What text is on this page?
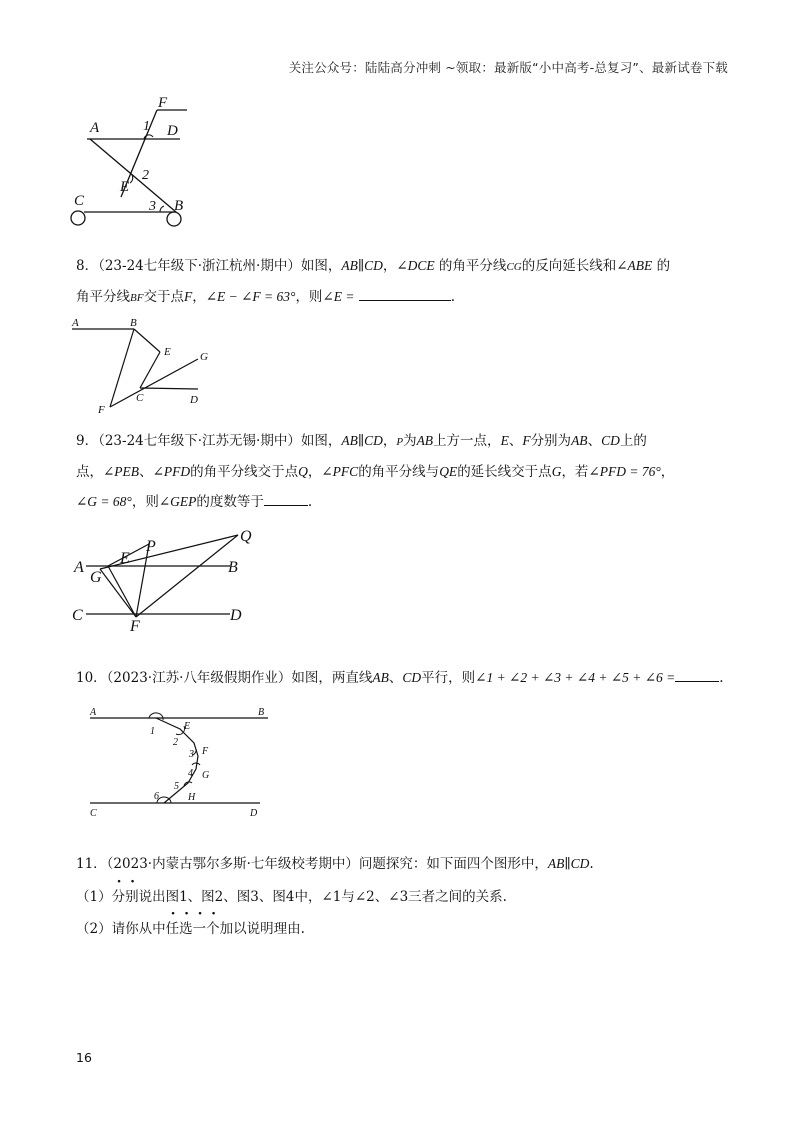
关注公众号：陆陆高分冲刺 ~领取：最新版“小中高考-总复习”、最新试卷下载
F
A	1 D
2
E
C	3 B
8．（23-24七年级下·浙江杭州·期中）如图，AB∥CD，∠DCE 的角平分线CG的反向延长线和∠ABE 的
角平分线BF交于点F，∠E − ∠F = 63°，则∠E =	.
A	B
E	G
C	D
F
9．（23-24七年级下·江苏无锡·期中）如图，AB∥CD，P为AB上方一点，E、F分别为AB、CD上的
点，∠PEB、∠PFD的角平分线交于点Q，∠PFC的角平分线与QE的延长线交于点G，若∠PFD = 76°，
∠G = 68°，则∠GEP的度数等于	.
A
G
E
P
Q
B
C	D
F
10．（2023·江苏·八年级假期作业）如图，两直线AB、CD平行，则∠1 + ∠2 + ∠3 + ∠4 + ∠5 + ∠6 =	.
A	B
E
F
G
H
C	D
1
2
3
4
5
6
11．（2023·内蒙古鄂尔多斯·七年级校考期中）问题探究：如下面四个图形中，AB∥CD.
（1）分别说出图1、图2、图3、图4中，∠1与∠2、∠3三者之间的关系.
（2）请你从中任选一个加以说明理由.
16
